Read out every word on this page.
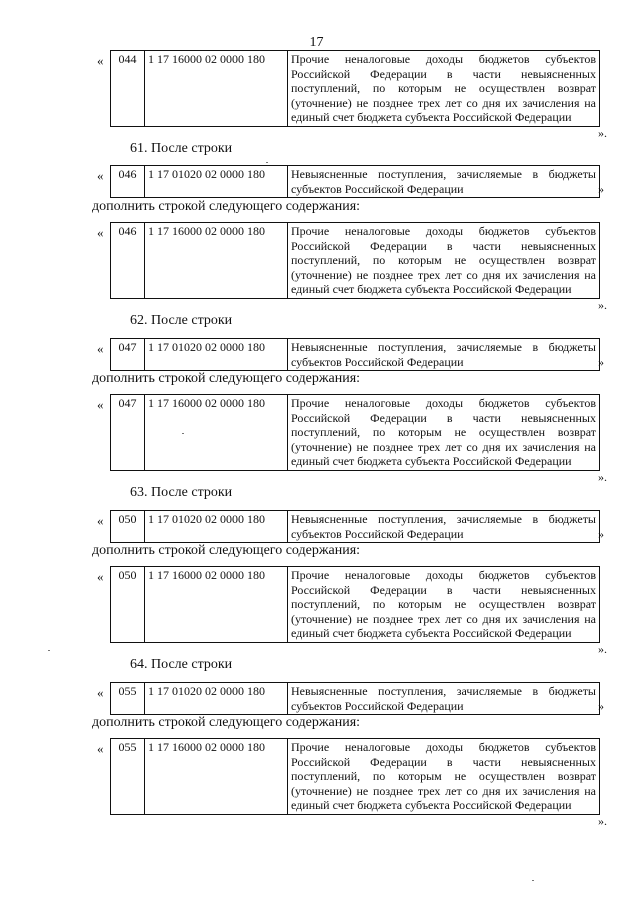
17
« 044	1 17 16000 02 0000 180	Прочие неналоговые доходы бюджетов субъектов Российской Федерации в части невыясненных поступлений, по которым не осуществлен возврат (уточнение) не позднее трех лет со дня их зачисления на единый счет бюджета субъекта Российской Федерации
».
61. После строки
« 046	1 17 01020 02 0000 180	Невыясненные поступления, зачисляемые в бюджеты субъектов Российской Федерации	»
дополнить строкой следующего содержания:
« 046	1 17 16000 02 0000 180	Прочие неналоговые доходы бюджетов субъектов Российской Федерации в части невыясненных поступлений, по которым не осуществлен возврат (уточнение) не позднее трех лет со дня их зачисления на единый счет бюджета субъекта Российской Федерации
».
62. После строки
« 047	1 17 01020 02 0000 180	Невыясненные поступления, зачисляемые в бюджеты субъектов Российской Федерации	»
дополнить строкой следующего содержания:
« 047	1 17 16000 02 0000 180	Прочие неналоговые доходы бюджетов субъектов Российской Федерации в части невыясненных поступлений, по которым не осуществлен возврат (уточнение) не позднее трех лет со дня их зачисления на единый счет бюджета субъекта Российской Федерации
».
63. После строки
« 050	1 17 01020 02 0000 180	Невыясненные поступления, зачисляемые в бюджеты субъектов Российской Федерации	»
дополнить строкой следующего содержания:
« 050	1 17 16000 02 0000 180	Прочие неналоговые доходы бюджетов субъектов Российской Федерации в части невыясненных поступлений, по которым не осуществлен возврат (уточнение) не позднее трех лет со дня их зачисления на единый счет бюджета субъекта Российской Федерации
».
64. После строки
« 055	1 17 01020 02 0000 180	Невыясненные поступления, зачисляемые в бюджеты субъектов Российской Федерации	»
дополнить строкой следующего содержания:
« 055	1 17 16000 02 0000 180	Прочие неналоговые доходы бюджетов субъектов Российской Федерации в части невыясненных поступлений, по которым не осуществлен возврат (уточнение) не позднее трех лет со дня их зачисления на единый счет бюджета субъекта Российской Федерации
».
